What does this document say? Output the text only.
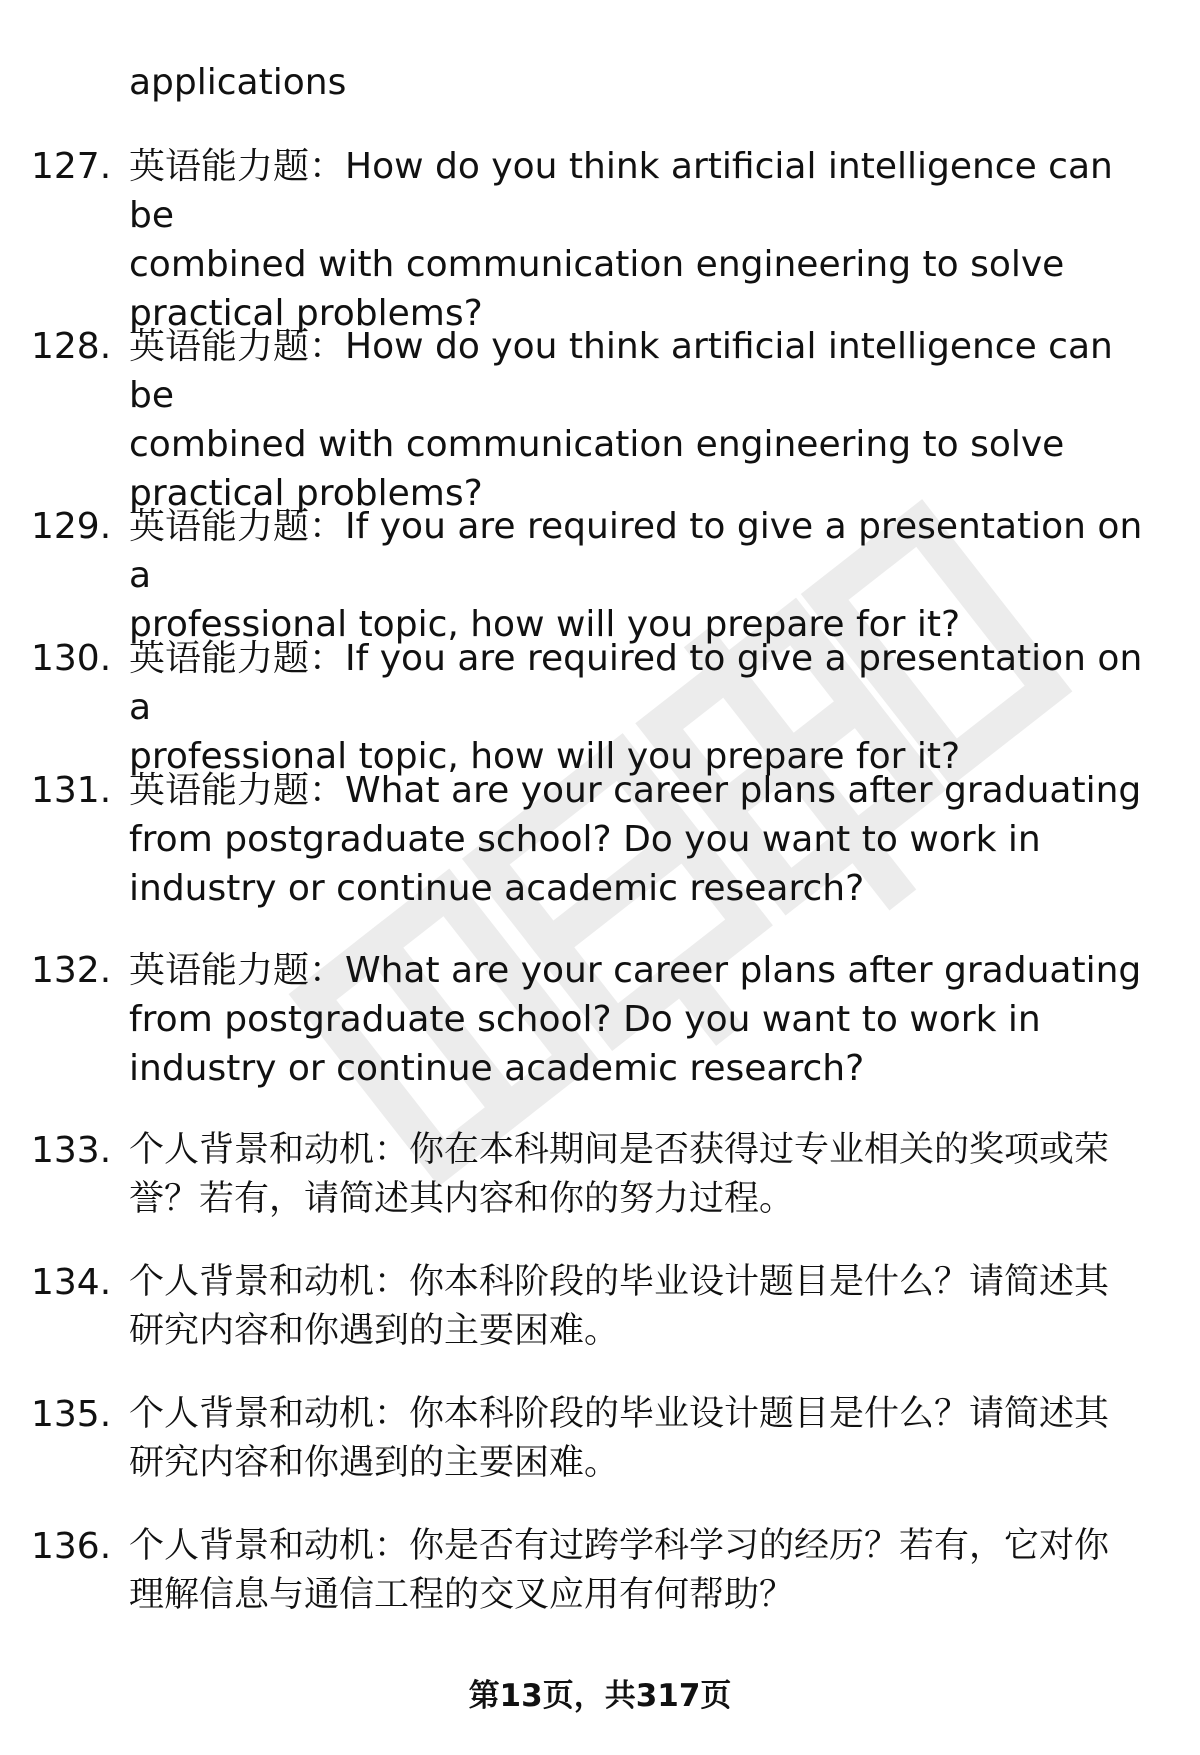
applications
127. 英语能力题：How do you think artificial intelligence can be
combined with communication engineering to solve
practical problems?
128. 英语能力题：How do you think artificial intelligence can be
combined with communication engineering to solve
practical problems?
129. 英语能力题：If you are required to give a presentation on a
professional topic, how will you prepare for it?
130. 英语能力题：If you are required to give a presentation on a
professional topic, how will you prepare for it?
131. 英语能力题：What are your career plans after graduating
from postgraduate school? Do you want to work in
industry or continue academic research?
132. 英语能力题：What are your career plans after graduating
from postgraduate school? Do you want to work in
industry or continue academic research?
133. 个人背景和动机：你在本科期间是否获得过专业相关的奖项或荣
誉？若有，请简述其内容和你的努力过程。
134. 个人背景和动机：你本科阶段的毕业设计题目是什么？请简述其
研究内容和你遇到的主要困难。
135. 个人背景和动机：你本科阶段的毕业设计题目是什么？请简述其
研究内容和你遇到的主要困难。
136. 个人背景和动机：你是否有过跨学科学习的经历？若有，它对你
理解信息与通信工程的交叉应用有何帮助？
第13页，共317页
